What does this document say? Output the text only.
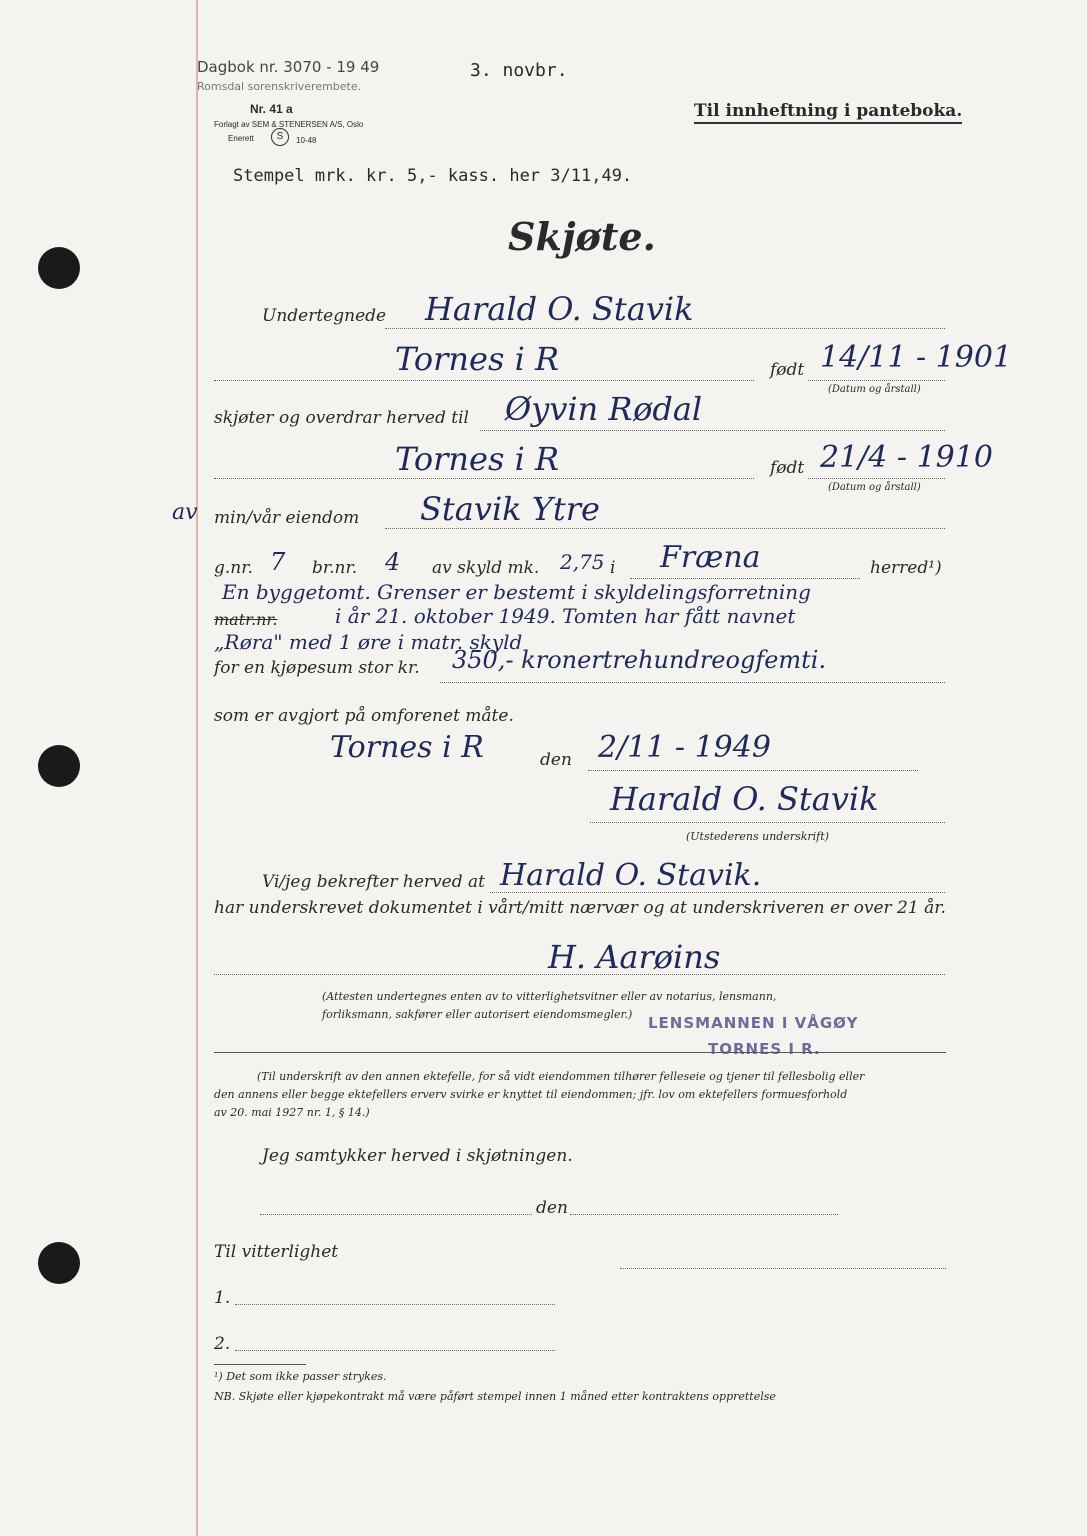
Dagbok nr. 3070 - 19 49
Romsdal sorenskriverembete.
3. novbr.
Nr. 41 a
Forlagt av SEM & STENERSEN A/S, Oslo
Enerett	S	10-48
Til innheftning i panteboka.
Stempel mrk. kr. 5,- kass. her 3/11,49.
Skjøte.
Undertegnede Harald O. Stavik
Tornes i R	født 14/11 - 1901
(Datum og årstall)
skjøter og overdrar herved til Øyvin Rødal
Tornes i R	født 21/4 - 1910
(Datum og årstall)
av min/vår eiendom Stavik Ytre
g.nr. 7 br.nr. 4 av skyld mk. 2,75 i Fræna	herred¹)
En byggetomt. Grenser er bestemt i skyldelingsforretning
matr.nr.	i år 21. oktober 1949. Tomten har fått navnet
„Røra" med 1 øre i matr. skyld
for en kjøpesum stor kr. 350,- kronertrehundreogfemti.
som er avgjort på omforenet måte.
Tornes i R	den 2/11 - 1949
Harald O. Stavik
(Utstederens underskrift)
Vi/jeg bekrefter herved at Harald O. Stavik.
har underskrevet dokumentet i vårt/mitt nærvær og at underskriveren er over 21 år.
H. Aarøins
(Attesten undertegnes enten av to vitterlighetsvitner eller av notarius, lensmann,
forliksmann, sakfører eller autorisert eiendomsmegler.) LENSMANNEN I VÅGØY
TORNES I R.
(Til underskrift av den annen ektefelle, for så vidt eiendommen tilhører felleseie og tjener til fellesbolig eller
den annens eller begge ektefellers erverv svirke er knyttet til eiendommen; jfr. lov om ektefellers formuesforhold
av 20. mai 1927 nr. 1, § 14.)
Jeg samtykker herved i skjøtningen.
den
Til vitterlighet
1.
2.
¹) Det som ikke passer strykes.
NB. Skjøte eller kjøpekontrakt må være påført stempel innen 1 måned etter kontraktens opprettelse
